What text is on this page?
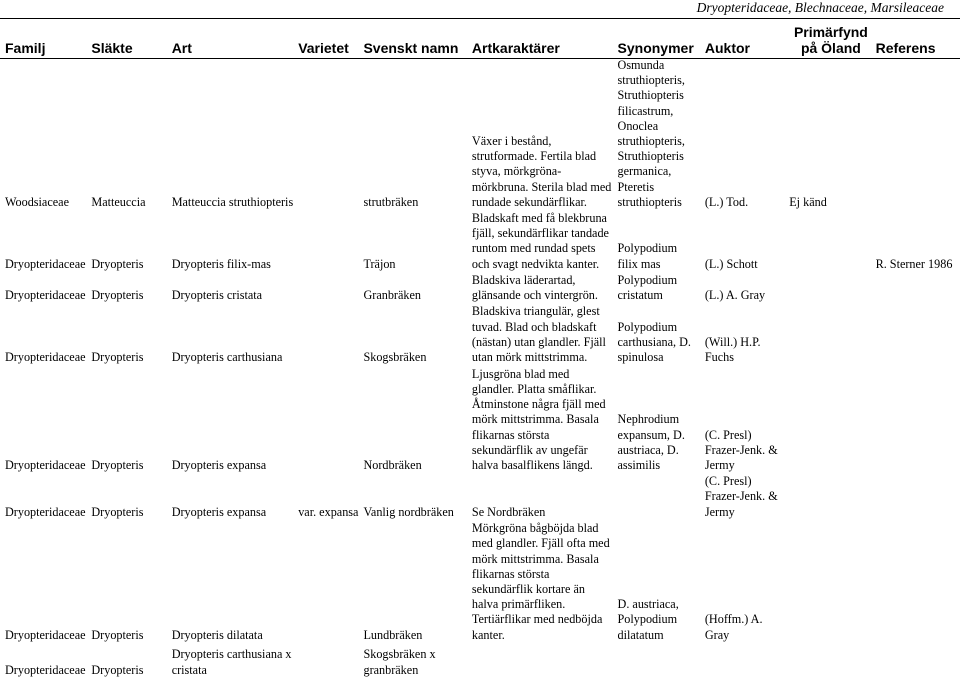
Dryopteridaceae, Blechnaceae, Marsileaceae
Familj	Släkte	Art	Varietet	Svenskt namn	Artkaraktärer	Synonymer	Auktor	Primärfynd på Öland	Referens
Woodsiaceae	Matteuccia	Matteuccia struthiopteris		strutbräken	Växer i bestånd, strutformade. Fertila blad styva, mörkgröna-mörkbruna. Sterila blad med rundade sekundärflikar.	Osmunda struthiopteris, Struthiopteris filicastrum, Onoclea struthiopteris, Struthiopteris germanica, Pteretis struthiopteris	(L.) Tod.	Ej känd	
Dryopteridaceae	Dryopteris	Dryopteris filix-mas		Träjon	Bladskaft med få blekbruna fjäll, sekundärflikar tandade runtom med rundad spets och svagt nedvikta kanter.	Polypodium filix mas	(L.) Schott		R. Sterner 1986
Dryopteridaceae	Dryopteris	Dryopteris cristata		Granbräken	Bladskiva läderartad, glänsande och vintergrön.	Polypodium cristatum	(L.) A. Gray		
Dryopteridaceae	Dryopteris	Dryopteris carthusiana		Skogsbräken	Bladskiva triangulär, glest tuvad. Blad och bladskaft (nästan) utan glandler. Fjäll utan mörk mittstrimma.	Polypodium carthusiana, D. spinulosa	(Will.) H.P. Fuchs		
Dryopteridaceae	Dryopteris	Dryopteris expansa		Nordbräken	Ljusgröna blad med glandler. Platta småflikar. Åtminstone några fjäll med mörk mittstrimma. Basala flikarnas största sekundärflik av ungefär halva basalflikens längd.	Nephrodium expansum, D. austriaca, D. assimilis	(C. Presl) Frazer-Jenk. & Jermy		
Dryopteridaceae	Dryopteris	Dryopteris expansa	var. expansa	Vanlig nordbräken	Se Nordbräken		(C. Presl) Frazer-Jenk. & Jermy		
Dryopteridaceae	Dryopteris	Dryopteris dilatata		Lundbräken	Mörkgröna bågböjda blad med glandler. Fjäll ofta med mörk mittstrimma. Basala flikarnas största sekundärflik kortare än halva primärfliken. Tertiärflikar med nedböjda kanter.	D. austriaca, Polypodium dilatatum	(Hoffm.) A. Gray		
Dryopteridaceae	Dryopteris	Dryopteris carthusiana x cristata		Skogsbräken x granbräken					
